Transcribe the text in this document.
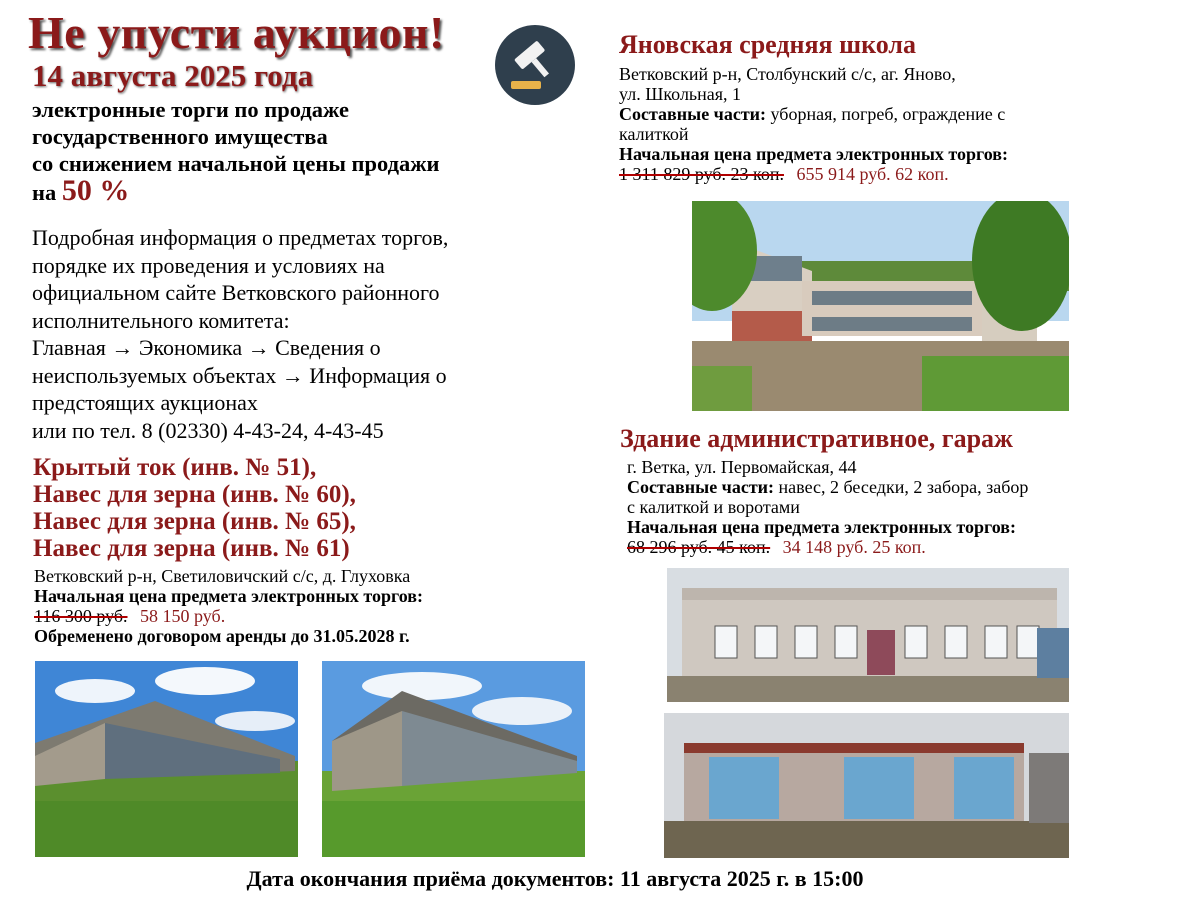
Не упусти аукцион!
14 августа 2025 года
электронные торги по продаже
государственного имущества
со снижением начальной цены продажи
на 50 %
Подробная информация о предметах торгов,
порядке их проведения и условиях на
официальном сайте Ветковского районного
исполнительного комитета:
Главная → Экономика → Сведения о
неиспользуемых объектах → Информация о
предстоящих аукционах
или по тел. 8 (02330) 4-43-24, 4-43-45
Крытый ток (инв. № 51),
Навес для зерна (инв. № 60),
Навес для зерна (инв. № 65),
Навес для зерна (инв. № 61)
Ветковский р-н, Светиловичский с/с, д. Глуховка
Начальная цена предмета электронных торгов:
116 300 руб. 58 150 руб.
Обременено договором аренды до 31.05.2028 г.
Яновская средняя школа
Ветковский р-н, Столбунский с/с, аг. Яново,
ул. Школьная, 1
Составные части: уборная, погреб, ограждение с
калиткой
Начальная цена предмета электронных торгов:
1 311 829 руб. 23 коп. 655 914 руб. 62 коп.
Здание административное, гараж
г. Ветка, ул. Первомайская, 44
Составные части: навес, 2 беседки, 2 забора, забор
с калиткой и воротами
Начальная цена предмета электронных торгов:
68 296 руб. 45 коп. 34 148 руб. 25 коп.
Дата окончания приёма документов: 11 августа 2025 г. в 15:00
